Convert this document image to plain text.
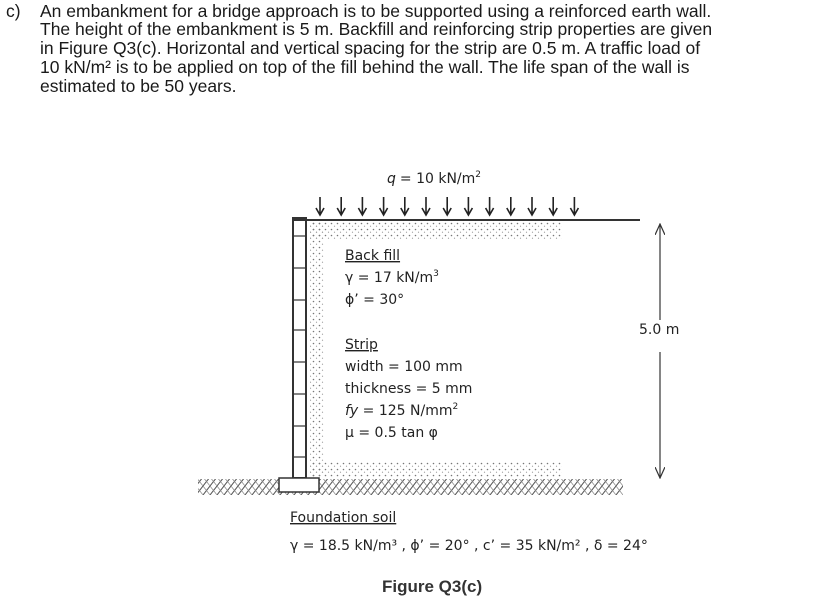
c) An embankment for a bridge approach is to be supported using a reinforced earth wall.
The height of the embankment is 5 m. Backfill and reinforcing strip properties are given
in Figure Q3(c). Horizontal and vertical spacing for the strip are 0.5 m. A traffic load of
10 kN/m² is to be applied on top of the fill behind the wall. The life span of the wall is
estimated to be 50 years.
5.0 m
q = 10 $kN/m^2$
Back fill
γ = 17 $kN/m^3$
ϕ’ = 30°
Strip
width = 100 mm
thickness = 5 mm
fy = 125 $N/mm^2$
μ = 0.5 tan φ
Foundation soil
γ = 18.5 kN/m³ , ϕ’ = 20° , c’ = 35 kN/m² , δ = 24°
Figure Q3(c)
